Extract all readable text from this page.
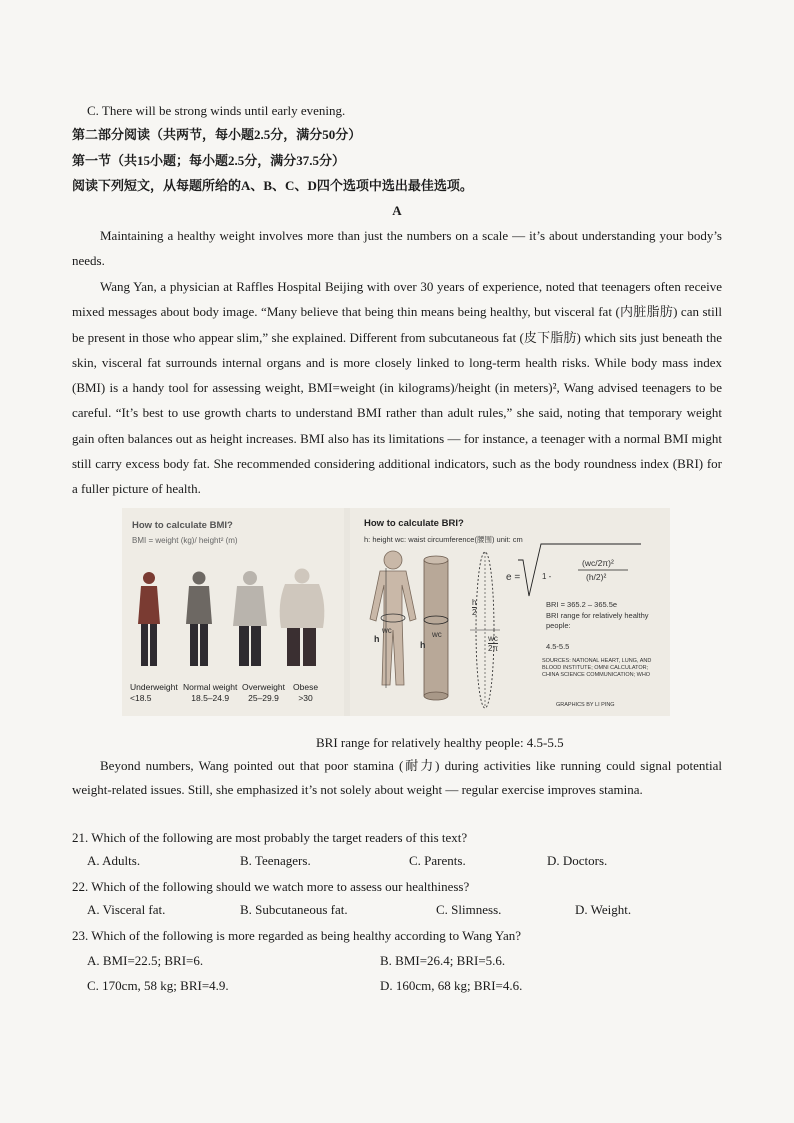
C. There will be strong winds until early evening.
第二部分阅读（共两节，每小题2.5分，满分50分）
第一节（共15小题；每小题2.5分，满分37.5分）
阅读下列短文，从每题所给的A、B、C、D四个选项中选出最佳选项。
A

Maintaining a healthy weight involves more than just the numbers on a scale — it’s about understanding your body’s needs.

Wang Yan, a physician at Raffles Hospital Beijing with over 30 years of experience, noted that teenagers often receive mixed messages about body image. “Many believe that being thin means being healthy, but visceral fat (内脏脂肪) can still be present in those who appear slim,” she explained. Different from subcutaneous fat (皮下脂肪) which sits just beneath the skin, visceral fat surrounds internal organs and is more closely linked to long-term health risks. While body mass index (BMI) is a handy tool for assessing weight, BMI=weight (in kilograms)/height (in meters)², Wang advised teenagers to be careful. “It’s best to use growth charts to understand BMI rather than adult rules,” she said, noting that temporary weight gain often balances out as height increases. BMI also has its limitations — for instance, a teenager with a normal BMI might still carry excess body fat. She recommended considering additional indicators, such as the body roundness index (BRI) for a fuller picture of health.

How to calculate BMI?
BMI = weight (kg)/ height² (m)
Underweight
<18.5
Normal weight
18.5–24.9
Overweight
25–29.9
Obese
>30
How to calculate BRI?
h: height wc: waist circumference(腰围) unit: cm
h
wc
h
wc
h
2
wc
2π
e =	1 -
(wc/2π)²
(h/2)²
BRI = 365.2 – 365.5e
BRI range for relatively healthy people:
4.5-5.5
SOURCES: NATIONAL HEART, LUNG, AND BLOOD INSTITUTE; OMNI CALCULATOR; CHINA SCIENCE COMMUNICATION; WHO
GRAPHICS BY LI PING
BRI range for relatively healthy people: 4.5-5.5

Beyond numbers, Wang pointed out that poor stamina (耐力) during activities like running could signal potential weight-related issues. Still, she emphasized it’s not solely about weight — regular exercise improves stamina.

21. Which of the following are most probably the target readers of this text?
A. Adults.	B. Teenagers.	C. Parents.	D. Doctors.
22. Which of the following should we watch more to assess our healthiness?
A. Visceral fat.	B. Subcutaneous fat.	C. Slimness.	D. Weight.
23. Which of the following is more regarded as being healthy according to Wang Yan?
A. BMI=22.5; BRI=6.	B. BMI=26.4; BRI=5.6.
C. 170cm, 58 kg; BRI=4.9.	D. 160cm, 68 kg; BRI=4.6.
